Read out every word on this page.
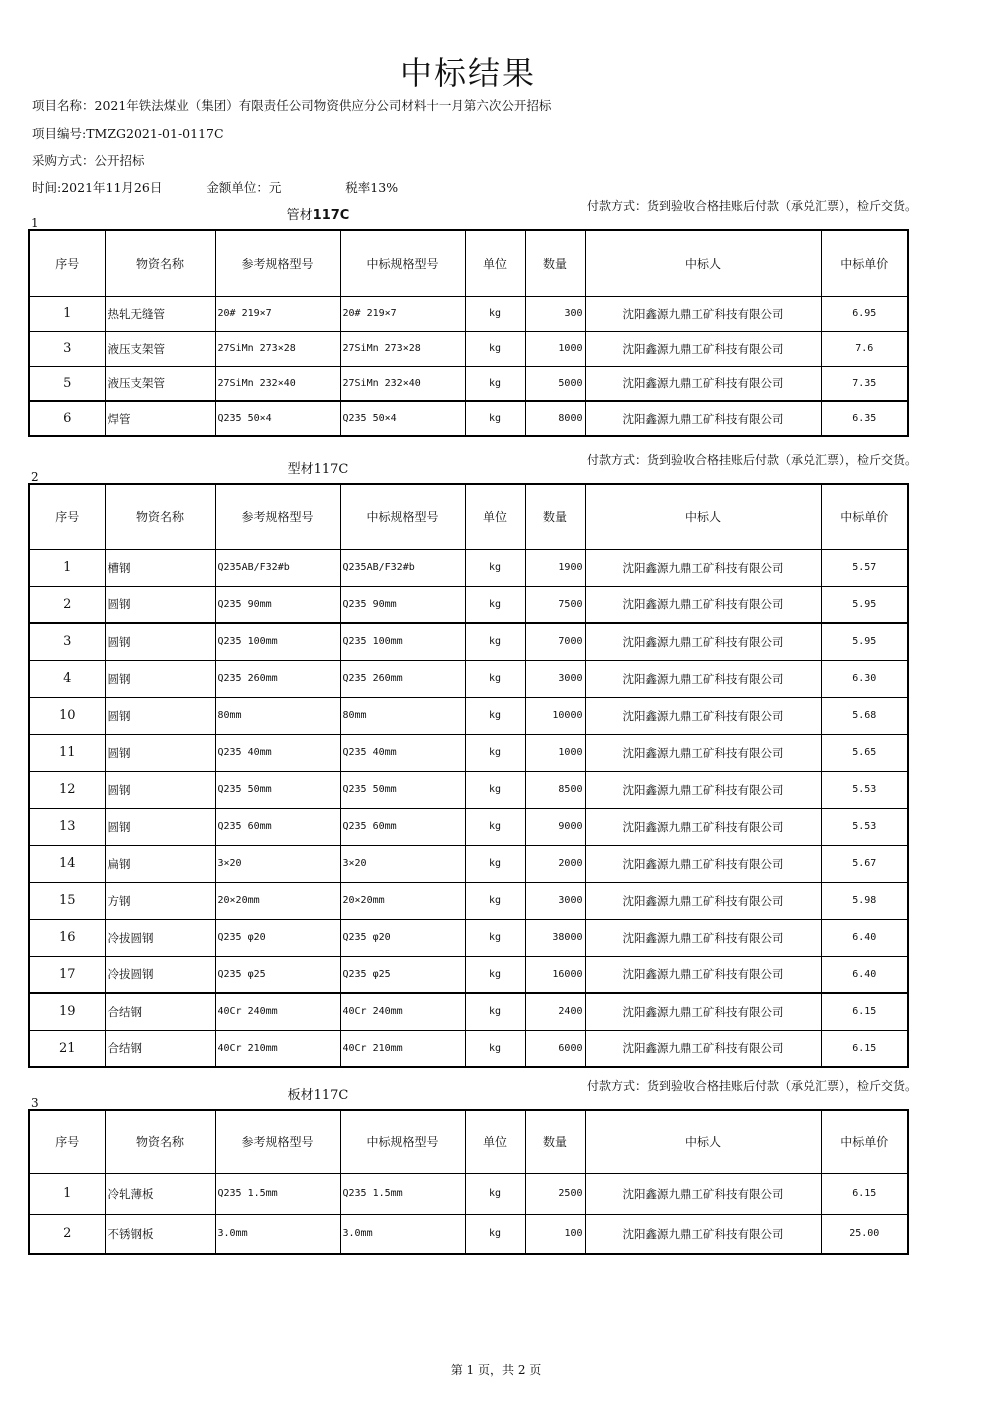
中标结果
项目名称：2021年铁法煤业（集团）有限责任公司物资供应分公司材料十一月第六次公开招标
项目编号:TMZG2021-01-0117C
采购方式：公开招标
时间:2021年11月26日	金额单位：元	税率13%
1	管材117C
付款方式：货到验收合格挂账后付款（承兑汇票），检斤交货。
序号	物资名称	参考规格型号	中标规格型号	单位	数量	中标人	中标单价
1	热轧无缝管	20# 219×7	20# 219×7	kg	300	沈阳鑫源九鼎工矿科技有限公司	6.95
3	液压支架管	27SiMn 273×28	27SiMn 273×28	kg	1000	沈阳鑫源九鼎工矿科技有限公司	7.6
5	液压支架管	27SiMn 232×40	27SiMn 232×40	kg	5000	沈阳鑫源九鼎工矿科技有限公司	7.35
6	焊管	Q235 50×4	Q235 50×4	kg	8000	沈阳鑫源九鼎工矿科技有限公司	6.35
2	型材117C
付款方式：货到验收合格挂账后付款（承兑汇票），检斤交货。
序号	物资名称	参考规格型号	中标规格型号	单位	数量	中标人	中标单价
1	槽钢	Q235AB/F32#b	Q235AB/F32#b	kg	1900	沈阳鑫源九鼎工矿科技有限公司	5.57
2	圆钢	Q235 90mm	Q235 90mm	kg	7500	沈阳鑫源九鼎工矿科技有限公司	5.95
3	圆钢	Q235 100mm	Q235 100mm	kg	7000	沈阳鑫源九鼎工矿科技有限公司	5.95
4	圆钢	Q235 260mm	Q235 260mm	kg	3000	沈阳鑫源九鼎工矿科技有限公司	6.30
10	圆钢	80mm	80mm	kg	10000	沈阳鑫源九鼎工矿科技有限公司	5.68
11	圆钢	Q235 40mm	Q235 40mm	kg	1000	沈阳鑫源九鼎工矿科技有限公司	5.65
12	圆钢	Q235 50mm	Q235 50mm	kg	8500	沈阳鑫源九鼎工矿科技有限公司	5.53
13	圆钢	Q235 60mm	Q235 60mm	kg	9000	沈阳鑫源九鼎工矿科技有限公司	5.53
14	扁钢	3×20	3×20	kg	2000	沈阳鑫源九鼎工矿科技有限公司	5.67
15	方钢	20×20mm	20×20mm	kg	3000	沈阳鑫源九鼎工矿科技有限公司	5.98
16	冷拔圆钢	Q235 φ20	Q235 φ20	kg	38000	沈阳鑫源九鼎工矿科技有限公司	6.40
17	冷拔圆钢	Q235 φ25	Q235 φ25	kg	16000	沈阳鑫源九鼎工矿科技有限公司	6.40
19	合结钢	40Cr 240mm	40Cr 240mm	kg	2400	沈阳鑫源九鼎工矿科技有限公司	6.15
21	合结钢	40Cr 210mm	40Cr 210mm	kg	6000	沈阳鑫源九鼎工矿科技有限公司	6.15
3	板材117C
付款方式：货到验收合格挂账后付款（承兑汇票），检斤交货。
序号	物资名称	参考规格型号	中标规格型号	单位	数量	中标人	中标单价
1	冷轧薄板	Q235 1.5mm	Q235 1.5mm	kg	2500	沈阳鑫源九鼎工矿科技有限公司	6.15
2	不锈钢板	3.0mm	3.0mm	kg	100	沈阳鑫源九鼎工矿科技有限公司	25.00
第 1 页，共 2 页
